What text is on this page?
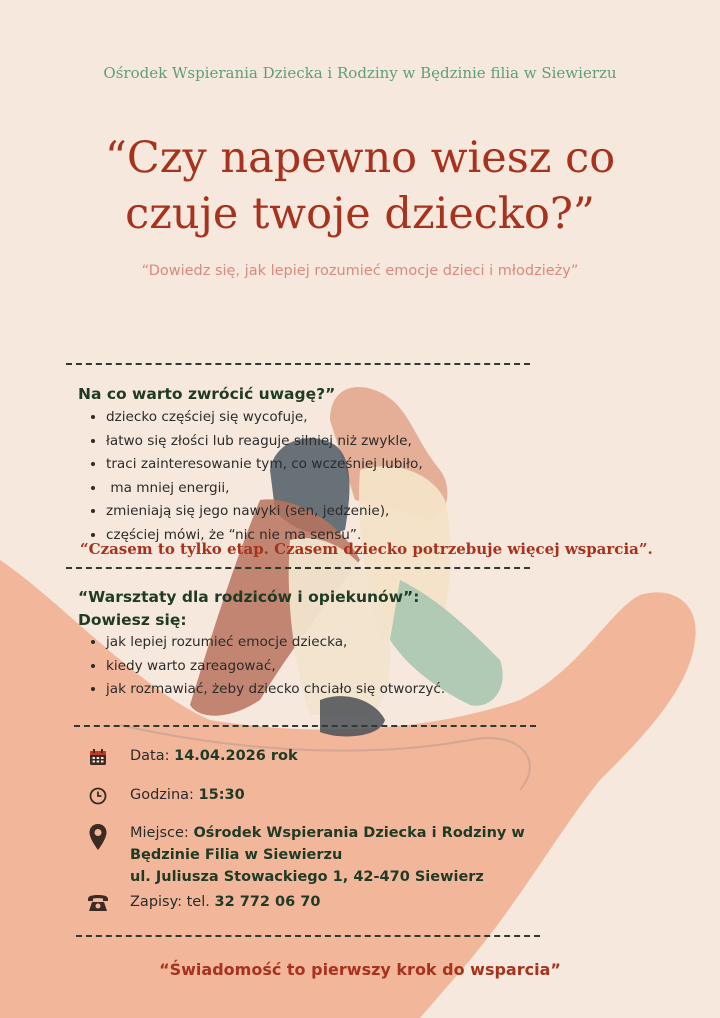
Ośrodek Wspierania Dziecka i Rodziny w Będzinie filia w Siewierzu
“Czy napewno wiesz co
czuje twoje dziecko?”
“Dowiedz się, jak lepiej rozumieć emocje dzieci i młodzieży”
Na co warto zwrócić uwagę?”
• dziecko częściej się wycofuje,
• łatwo się złości lub reaguje silniej niż zwykle,
• traci zainteresowanie tym, co wcześniej lubiło,
•  ma mniej energii,
• zmieniają się jego nawyki (sen, jedzenie),
• częściej mówi, że “nic nie ma sensu”.
“Czasem to tylko etap. Czasem dziecko potrzebuje więcej wsparcia”.
“Warsztaty dla rodziców i opiekunów”:
Dowiesz się:
• jak lepiej rozumieć emocje dziecka,
• kiedy warto zareagować,
• jak rozmawiać, żeby dziecko chciało się otworzyć.
Data: 14.04.2026 rok
Godzina: 15:30
Miejsce: Ośrodek Wspierania Dziecka i Rodziny w
Będzinie Filia w Siewierzu
ul. Juliusza Stowackiego 1, 42-470 Siewierz
Zapisy: tel. 32 772 06 70
“Świadomość to pierwszy krok do wsparcia”
